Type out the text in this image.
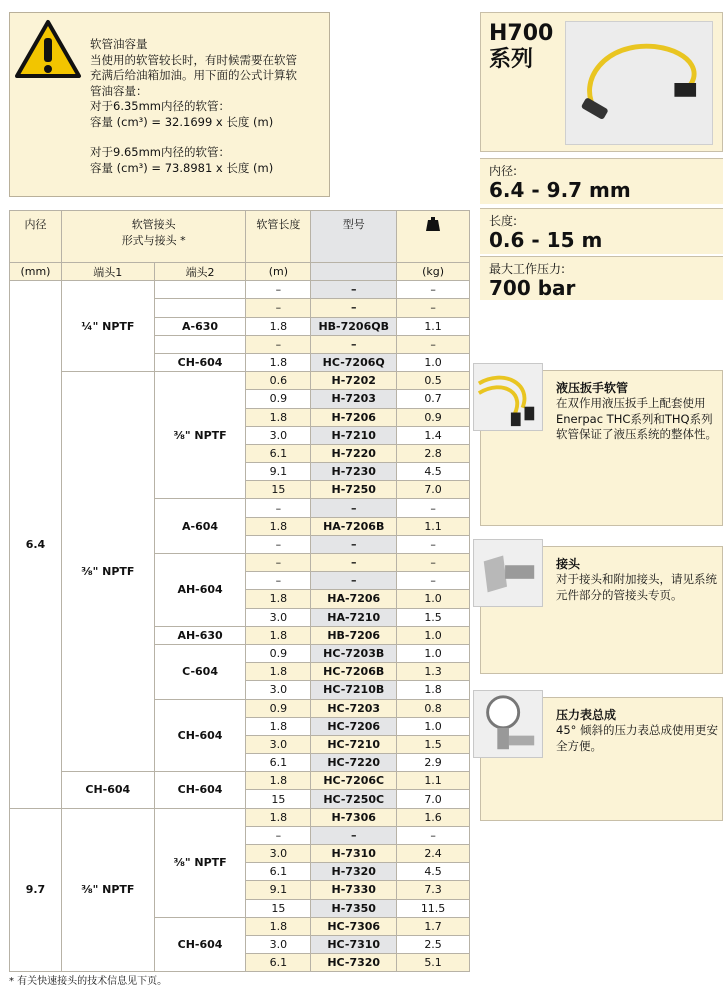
软管油容量
当使用的软管较长时，有时候需要在软管
充满后给油箱加油。用下面的公式计算软
管油容量：
对于6.35mm内径的软管：
容量 (cm³) = 32.1699 x 长度 (m)
对于9.65mm内径的软管：
容量 (cm³) = 73.8981 x 长度 (m)
内径	软管接头
形式与接头 *		软管长度	型号	

(mm)	端头1	端头2	(m)		(kg)
6.4	¼" NPTF		–	–	–
			–	–	–
		A-630	1.8	HB-7206QB	1.1
			–	–	–
		CH-604	1.8	HC-7206Q	1.0
	⅜" NPTF	⅜" NPTF	0.6	H-7202	0.5
			0.9	H-7203	0.7
			1.8	H-7206	0.9
			3.0	H-7210	1.4
			6.1	H-7220	2.8
			9.1	H-7230	4.5
			15	H-7250	7.0
		A-604	–	–	–
			1.8	HA-7206B	1.1
			–	–	–
		AH-604	–	–	–
			–	–	–
			1.8	HA-7206	1.0
			3.0	HA-7210	1.5
		AH-630	1.8	HB-7206	1.0
		C-604	0.9	HC-7203B	1.0
			1.8	HC-7206B	1.3
			3.0	HC-7210B	1.8
		CH-604	0.9	HC-7203	0.8
			1.8	HC-7206	1.0
			3.0	HC-7210	1.5
			6.1	HC-7220	2.9
	CH-604	CH-604	1.8	HC-7206C	1.1
			15	HC-7250C	7.0
9.7	⅜" NPTF	⅜" NPTF	1.8	H-7306	1.6
			–	–	–
			3.0	H-7310	2.4
			6.1	H-7320	4.5
			9.1	H-7330	7.3
			15	H-7350	11.5
		CH-604	1.8	HC-7306	1.7
			3.0	HC-7310	2.5
			6.1	HC-7320	5.1
* 有关快速接头的技术信息见下页。
H700
系列
内径:
6.4 - 9.7 mm
长度:
0.6 - 15 m
最大工作压力:
700 bar
液压扳手软管
在双作用液压扳手上配套使用Enerpac THC系列和THQ系列软管保证了液压系统的整体性。
接头
对于接头和附加接头，请见系统元件部分的管接头专页。
压力表总成
45° 倾斜的压力表总成使用更安全方便。
